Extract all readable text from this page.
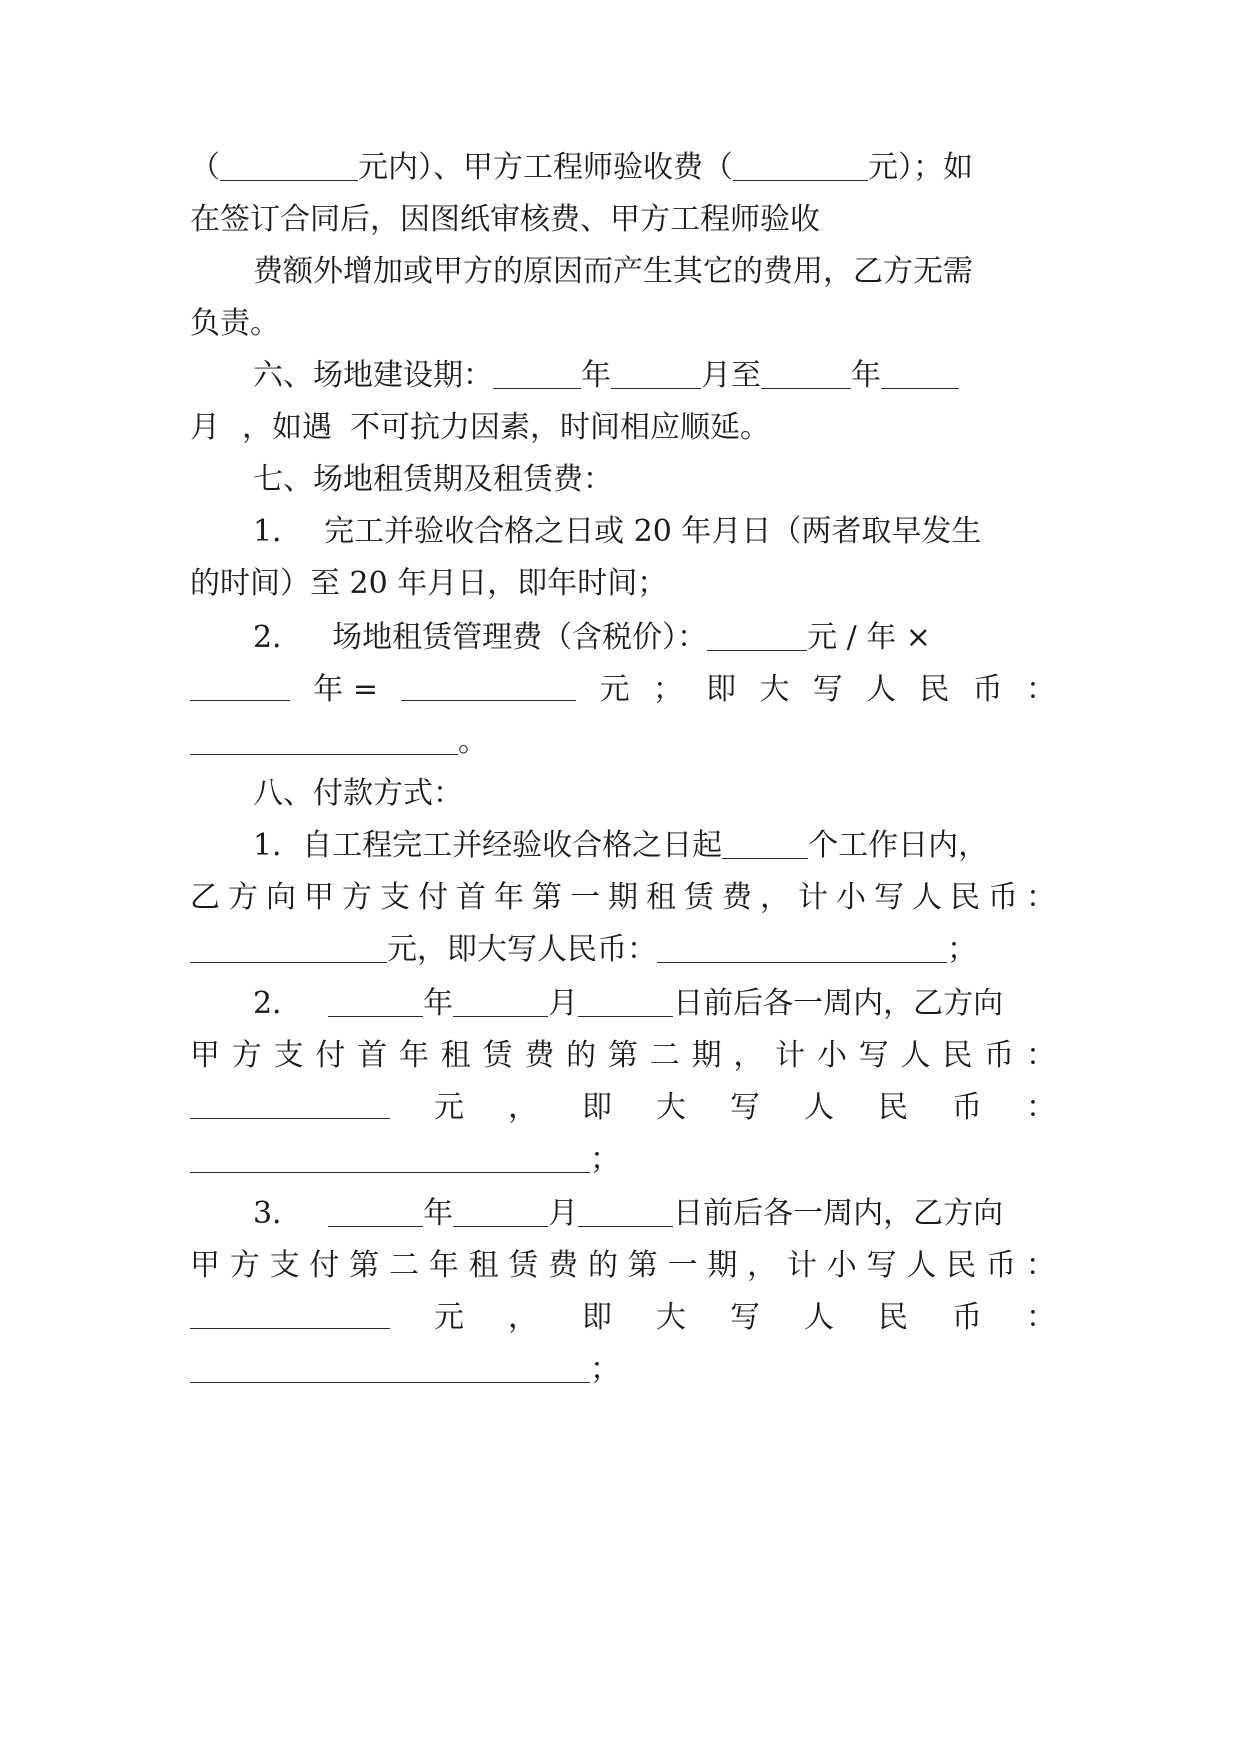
（	元内）、甲方工程师验收费（	元）；如
在签订合同后，因图纸审核费、甲方工程师验收
费额外增加或甲方的原因而产生其它的费用，乙方无需
负责。
六、场地建设期：	年	月至	年
月 ，如遇 不可抗力因素，时间相应顺延。
七、场地租赁期及租赁费：
1． 完工并验收合格之日或 20 年月日（两者取早发生
的时间）至 20 年月日，即年时间；
2． 场地租赁管理费（含税价）：	元 / 年 ×
年 =	元 ； 即 大 写 人 民 币 ：
。
八、付款方式：
1．自工程完工并经验收合格之日起	个工作日内，
乙 方 向 甲 方 支 付 首 年 第 一 期 租 赁 费 ， 计 小 写 人 民 币 ：
元，即大写人民币：	；
2．	年	月	日前后各一周内，乙方向
甲 方 支 付 首 年 租 赁 费 的 第 二 期 ， 计 小 写 人 民 币 ：
元 ， 即 大 写 人 民 币 ：
；
3．	年	月	日前后各一周内，乙方向
甲 方 支 付 第 二 年 租 赁 费 的 第 一 期 ， 计 小 写 人 民 币 ：
元 ， 即 大 写 人 民 币 ：
；
